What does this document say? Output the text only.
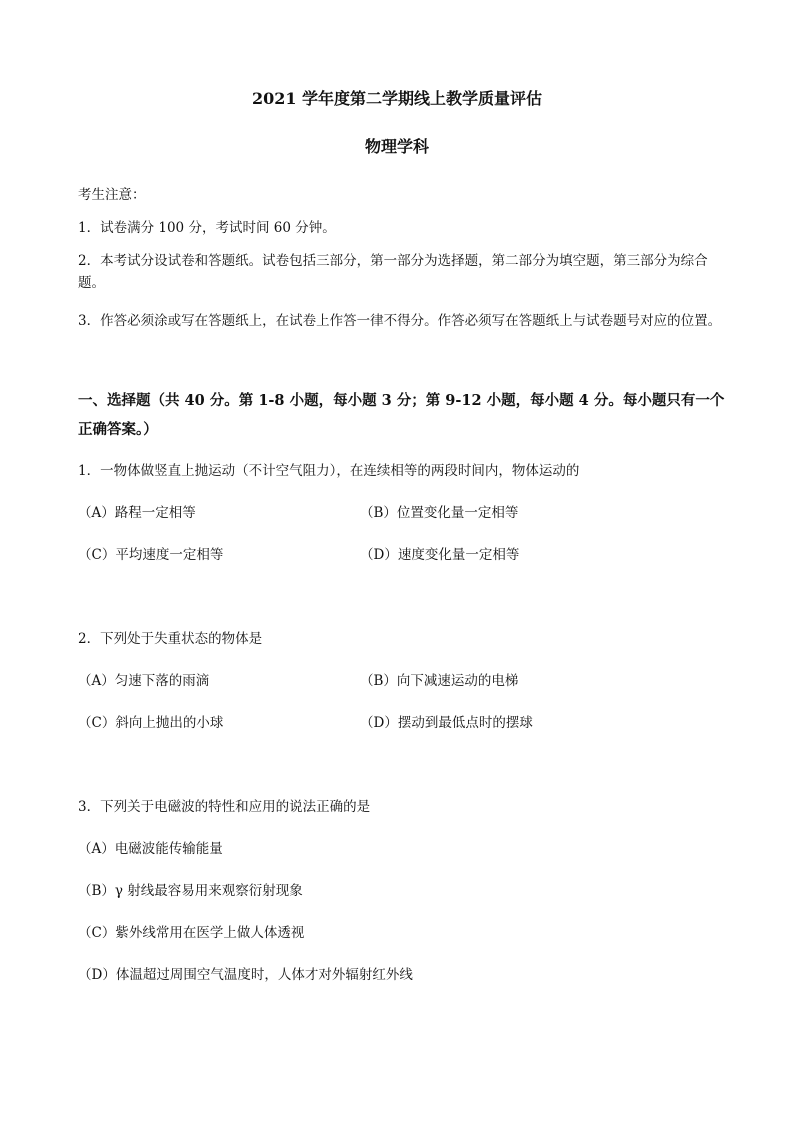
2021 学年度第二学期线上教学质量评估
物理学科
考生注意：
1．试卷满分 100 分，考试时间 60 分钟。
2．本考试分设试卷和答题纸。试卷包括三部分，第一部分为选择题，第二部分为填空题，第三部分为综合题。
3．作答必须涂或写在答题纸上，在试卷上作答一律不得分。作答必须写在答题纸上与试卷题号对应的位置。
一、选择题（共 40 分。第 1-8 小题，每小题 3 分；第 9-12 小题，每小题 4 分。每小题只有一个正确答案。）
1．一物体做竖直上抛运动（不计空气阻力），在连续相等的两段时间内，物体运动的
（A）路程一定相等	（B）位置变化量一定相等
（C）平均速度一定相等	（D）速度变化量一定相等
2．下列处于失重状态的物体是
（A）匀速下落的雨滴	（B）向下减速运动的电梯
（C）斜向上抛出的小球	（D）摆动到最低点时的摆球
3．下列关于电磁波的特性和应用的说法正确的是
（A）电磁波能传输能量
（B）γ 射线最容易用来观察衍射现象
（C）紫外线常用在医学上做人体透视
（D）体温超过周围空气温度时，人体才对外辐射红外线
